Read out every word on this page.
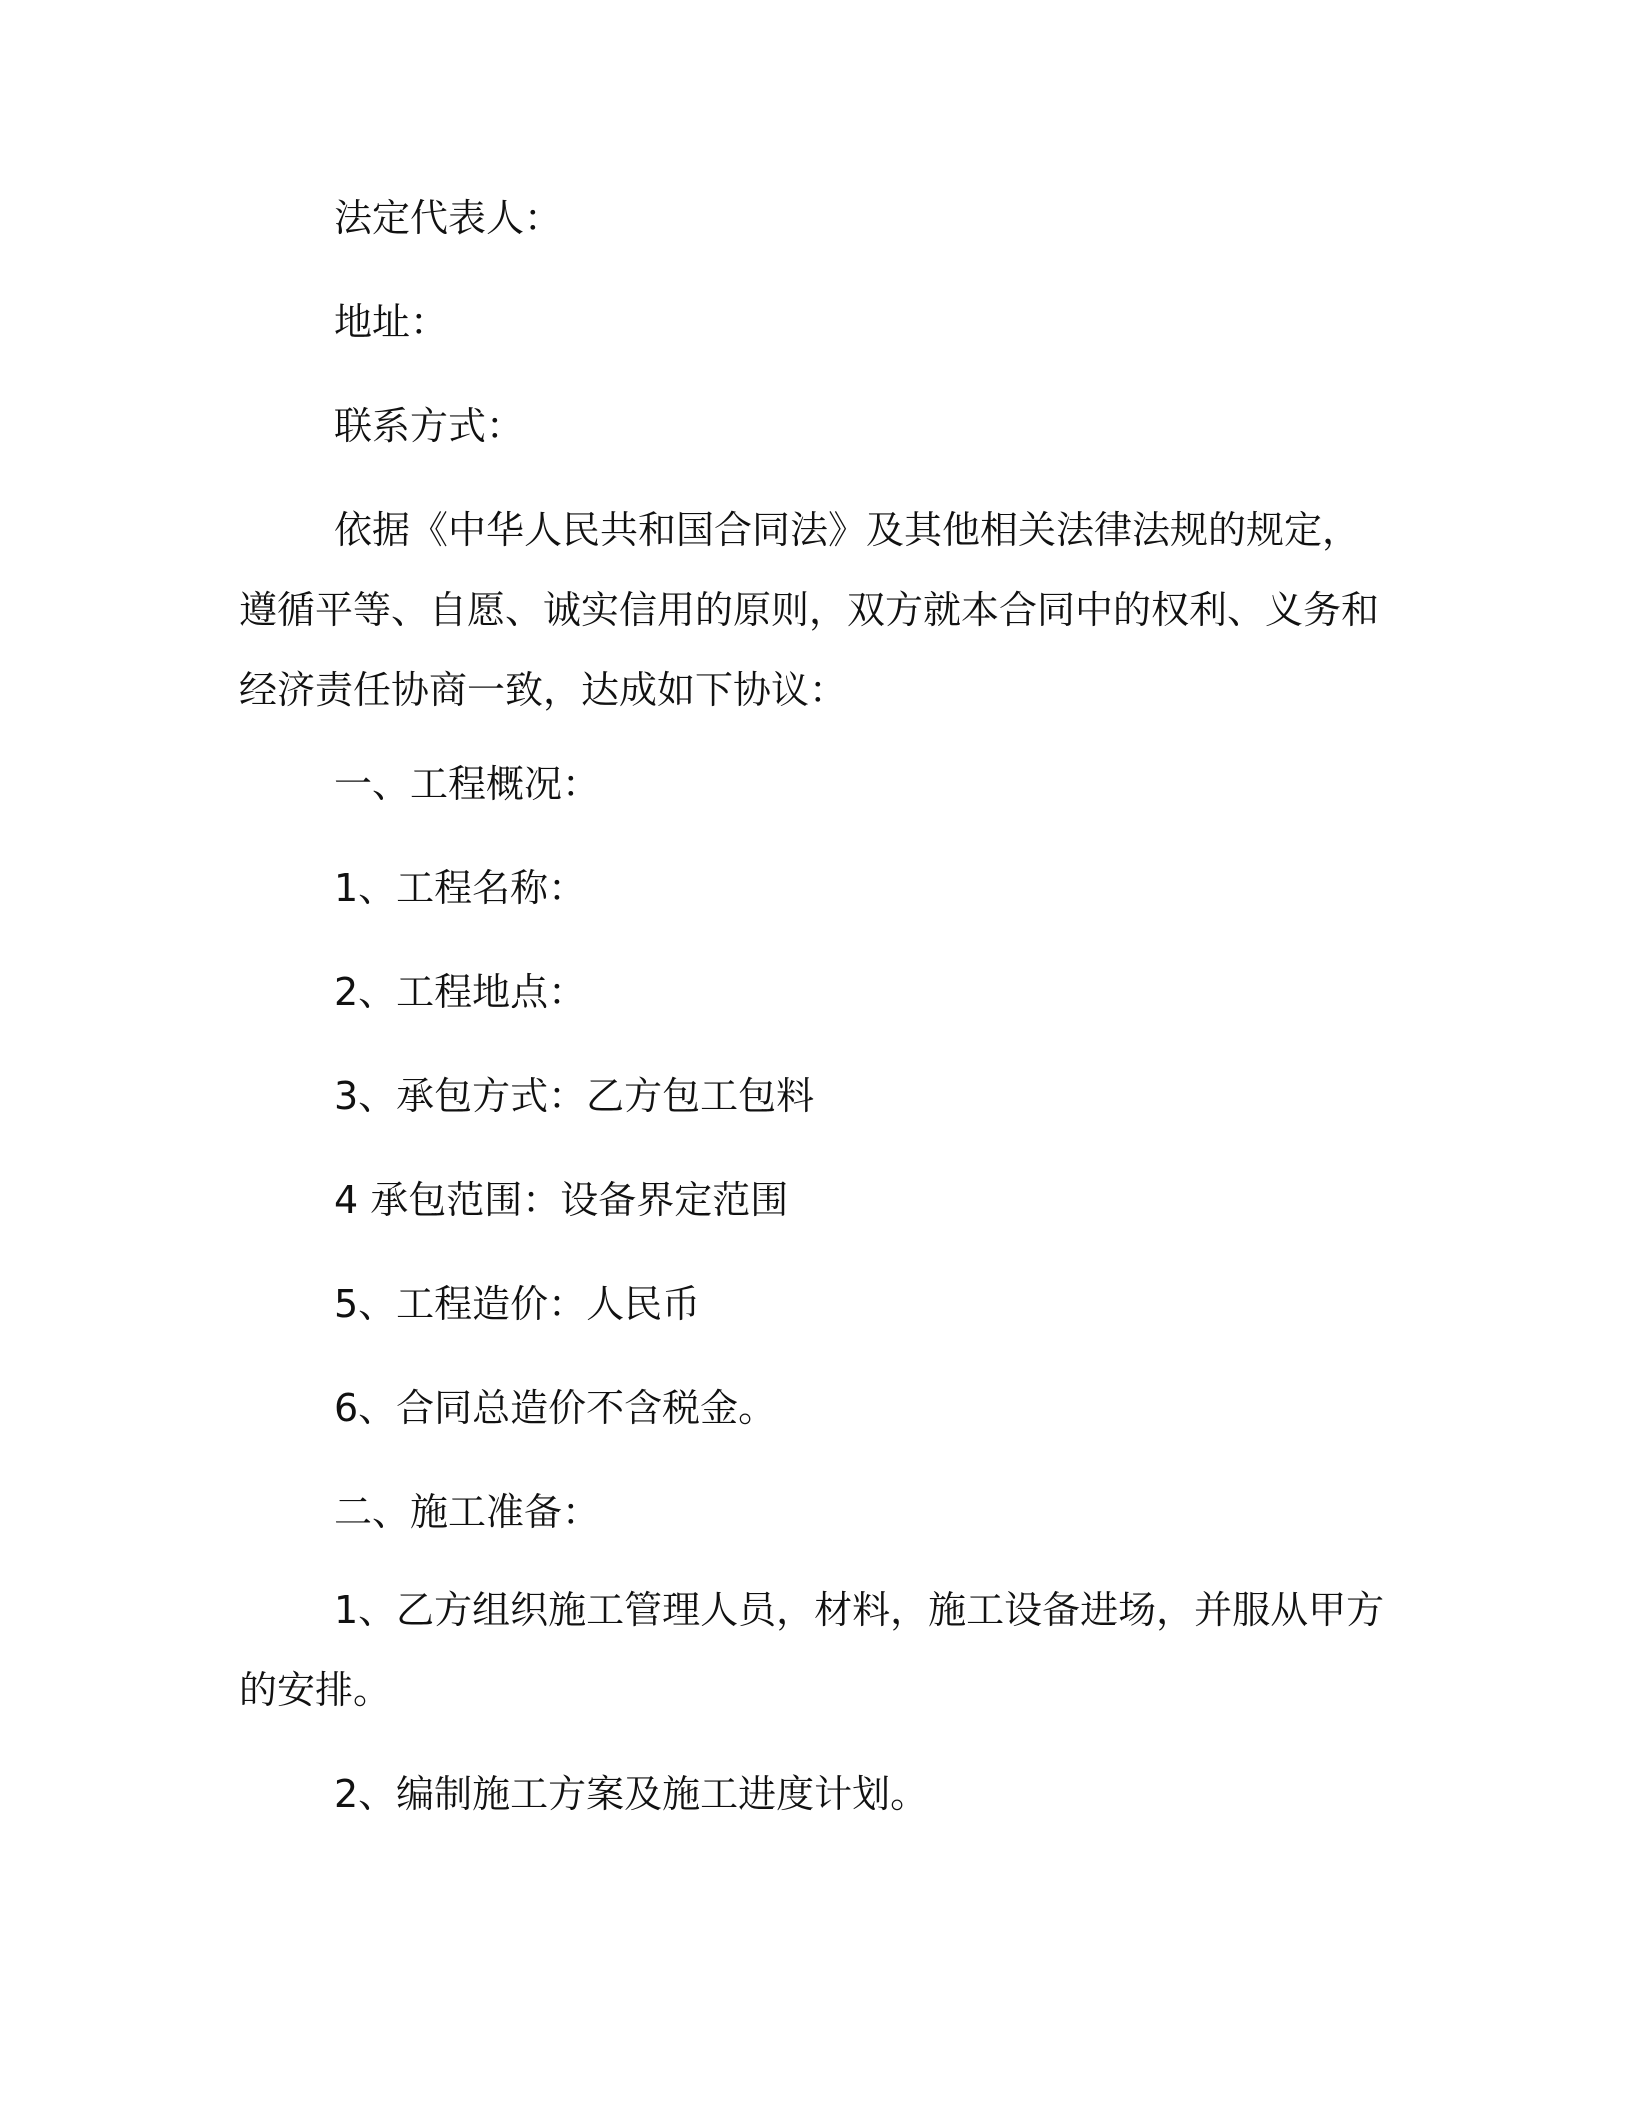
法定代表人：
地址：
联系方式：
依据《中华人民共和国合同法》及其他相关法律法规的规定，遵循平等、自愿、诚实信用的原则，双方就本合同中的权利、义务和经济责任协商一致，达成如下协议：
一、工程概况：
1、工程名称：
2、工程地点：
3、承包方式：乙方包工包料
4 承包范围：设备界定范围
5、工程造价：人民币
6、合同总造价不含税金。
二、施工准备：
1、乙方组织施工管理人员，材料，施工设备进场，并服从甲方的安排。
2、编制施工方案及施工进度计划。
